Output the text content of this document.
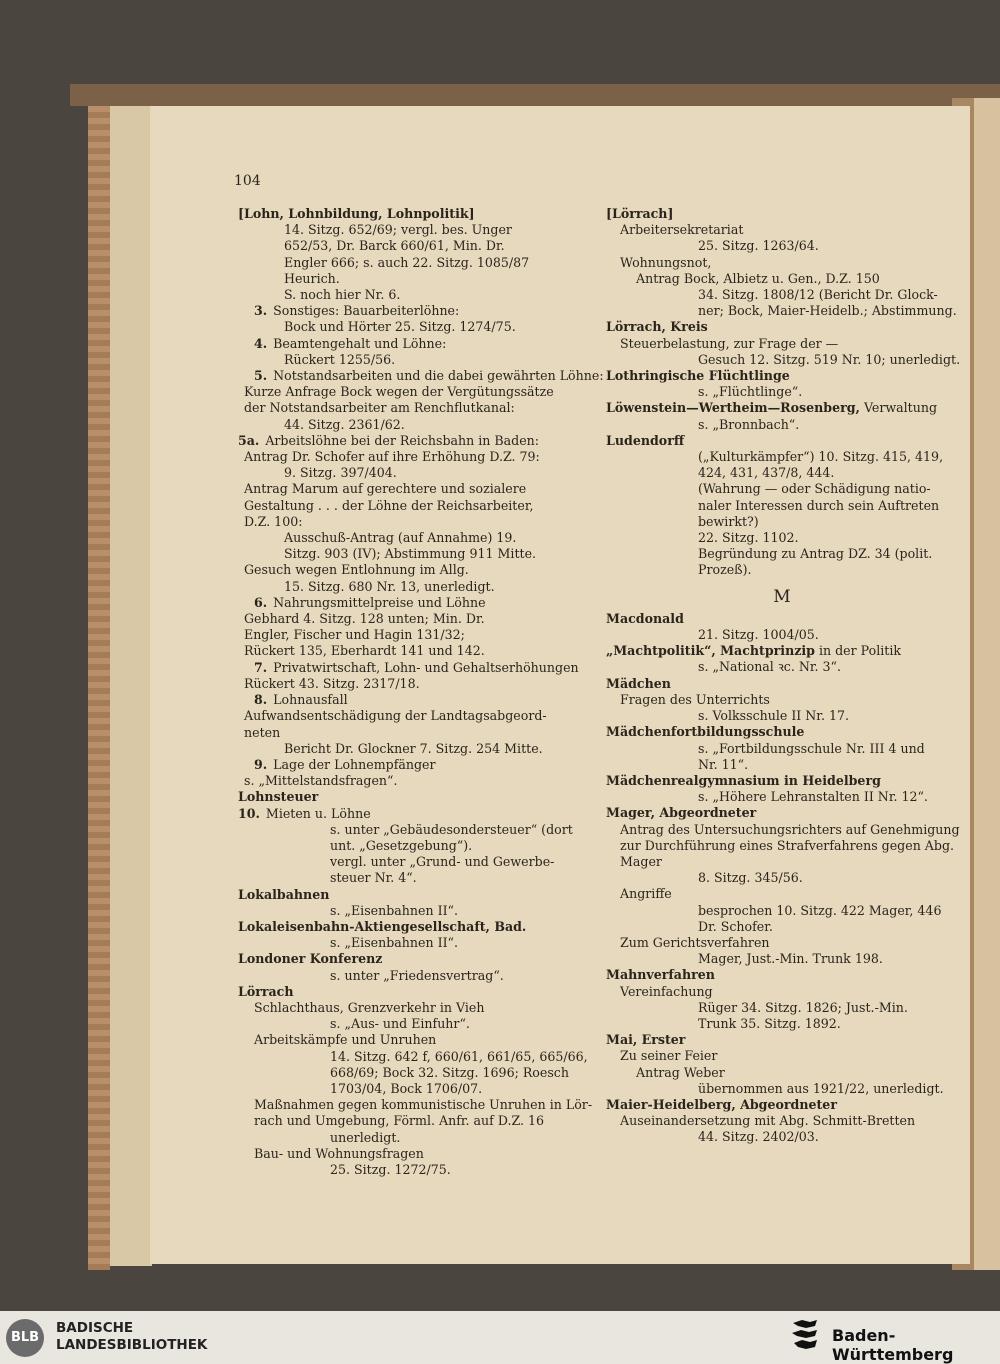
104
[Lohn, Lohnbildung, Lohnpolitik]
14. Sitzg. 652/69; vergl. bes. Unger
652/53, Dr. Barck 660/61, Min. Dr.
Engler 666; s. auch 22. Sitzg. 1085/87
Heurich.
S. noch hier Nr. 6.
3. Sonstiges: Bauarbeiterlöhne:
Bock und Hörter 25. Sitzg. 1274/75.
4. Beamtengehalt und Löhne:
Rückert 1255/56.
5. Notstandsarbeiten und die dabei gewährten Löhne:
Kurze Anfrage Bock wegen der Vergütungssätze
der Notstandsarbeiter am Renchflutkanal:
44. Sitzg. 2361/62.
5a. Arbeitslöhne bei der Reichsbahn in Baden:
Antrag Dr. Schofer auf ihre Erhöhung D.Z. 79:
9. Sitzg. 397/404.
Antrag Marum auf gerechtere und sozialere
Gestaltung . . . der Löhne der Reichsarbeiter,
D.Z. 100:
Ausschuß-Antrag (auf Annahme) 19.
Sitzg. 903 (IV); Abstimmung 911 Mitte.
Gesuch wegen Entlohnung im Allg.
15. Sitzg. 680 Nr. 13, unerledigt.
6. Nahrungsmittelpreise und Löhne
Gebhard 4. Sitzg. 128 unten; Min. Dr.
Engler, Fischer und Hagin 131/32;
Rückert 135, Eberhardt 141 und 142.
7. Privatwirtschaft, Lohn- und Gehaltserhöhungen
Rückert 43. Sitzg. 2317/18.
8. Lohnausfall
Aufwandsentschädigung der Landtagsabgeord-
neten
Bericht Dr. Glockner 7. Sitzg. 254 Mitte.
9. Lage der Lohnempfänger
s. „Mittelstandsfragen“.
Lohnsteuer
10. Mieten u. Löhne
s. unter „Gebäudesondersteuer“ (dort
unt. „Gesetzgebung“).
vergl. unter „Grund- und Gewerbe-
steuer Nr. 4“.
Lokalbahnen
s. „Eisenbahnen II“.
Lokaleisenbahn-Aktiengesellschaft, Bad.
s. „Eisenbahnen II“.
Londoner Konferenz
s. unter „Friedensvertrag“.
Lörrach
Schlachthaus, Grenzverkehr in Vieh
s. „Aus- und Einfuhr“.
Arbeitskämpfe und Unruhen
14. Sitzg. 642 f, 660/61, 661/65, 665/66,
668/69; Bock 32. Sitzg. 1696; Roesch
1703/04, Bock 1706/07.
Maßnahmen gegen kommunistische Unruhen in Lör-
rach und Umgebung, Förml. Anfr. auf D.Z. 16
unerledigt.
Bau- und Wohnungsfragen
25. Sitzg. 1272/75.
[Lörrach]
Arbeitersekretariat
25. Sitzg. 1263/64.
Wohnungsnot,
Antrag Bock, Albietz u. Gen., D.Z. 150
34. Sitzg. 1808/12 (Bericht Dr. Glock-
ner; Bock, Maier-Heidelb.; Abstimmung.
Lörrach, Kreis
Steuerbelastung, zur Frage der —
Gesuch 12. Sitzg. 519 Nr. 10; unerledigt.
Lothringische Flüchtlinge
s. „Flüchtlinge“.
Löwenstein—Wertheim—Rosenberg, Verwaltung
s. „Bronnbach“.
Ludendorff
(„Kulturkämpfer“) 10. Sitzg. 415, 419,
424, 431, 437/8, 444.
(Wahrung — oder Schädigung natio-
naler Interessen durch sein Auftreten
bewirkt?)
22. Sitzg. 1102.
Begründung zu Antrag DZ. 34 (polit.
Prozeß).
M
Macdonald
21. Sitzg. 1004/05.
„Machtpolitik“, Machtprinzip in der Politik
s. „National ꝛc. Nr. 3“.
Mädchen
Fragen des Unterrichts
s. Volksschule II Nr. 17.
Mädchenfortbildungsschule
s. „Fortbildungsschule Nr. III 4 und
Nr. 11“.
Mädchenrealgymnasium in Heidelberg
s. „Höhere Lehranstalten II Nr. 12“.
Mager, Abgeordneter
Antrag des Untersuchungsrichters auf Genehmigung
zur Durchführung eines Strafverfahrens gegen Abg.
Mager
8. Sitzg. 345/56.
Angriffe
besprochen 10. Sitzg. 422 Mager, 446
Dr. Schofer.
Zum Gerichtsverfahren
Mager, Just.-Min. Trunk 198.
Mahnverfahren
Vereinfachung
Rüger 34. Sitzg. 1826; Just.-Min.
Trunk 35. Sitzg. 1892.
Mai, Erster
Zu seiner Feier
Antrag Weber
übernommen aus 1921/22, unerledigt.
Maier-Heidelberg, Abgeordneter
Auseinandersetzung mit Abg. Schmitt-Bretten
44. Sitzg. 2402/03.
BLB
BADISCHE
LANDESBIBLIOTHEK	Baden-Württemberg
